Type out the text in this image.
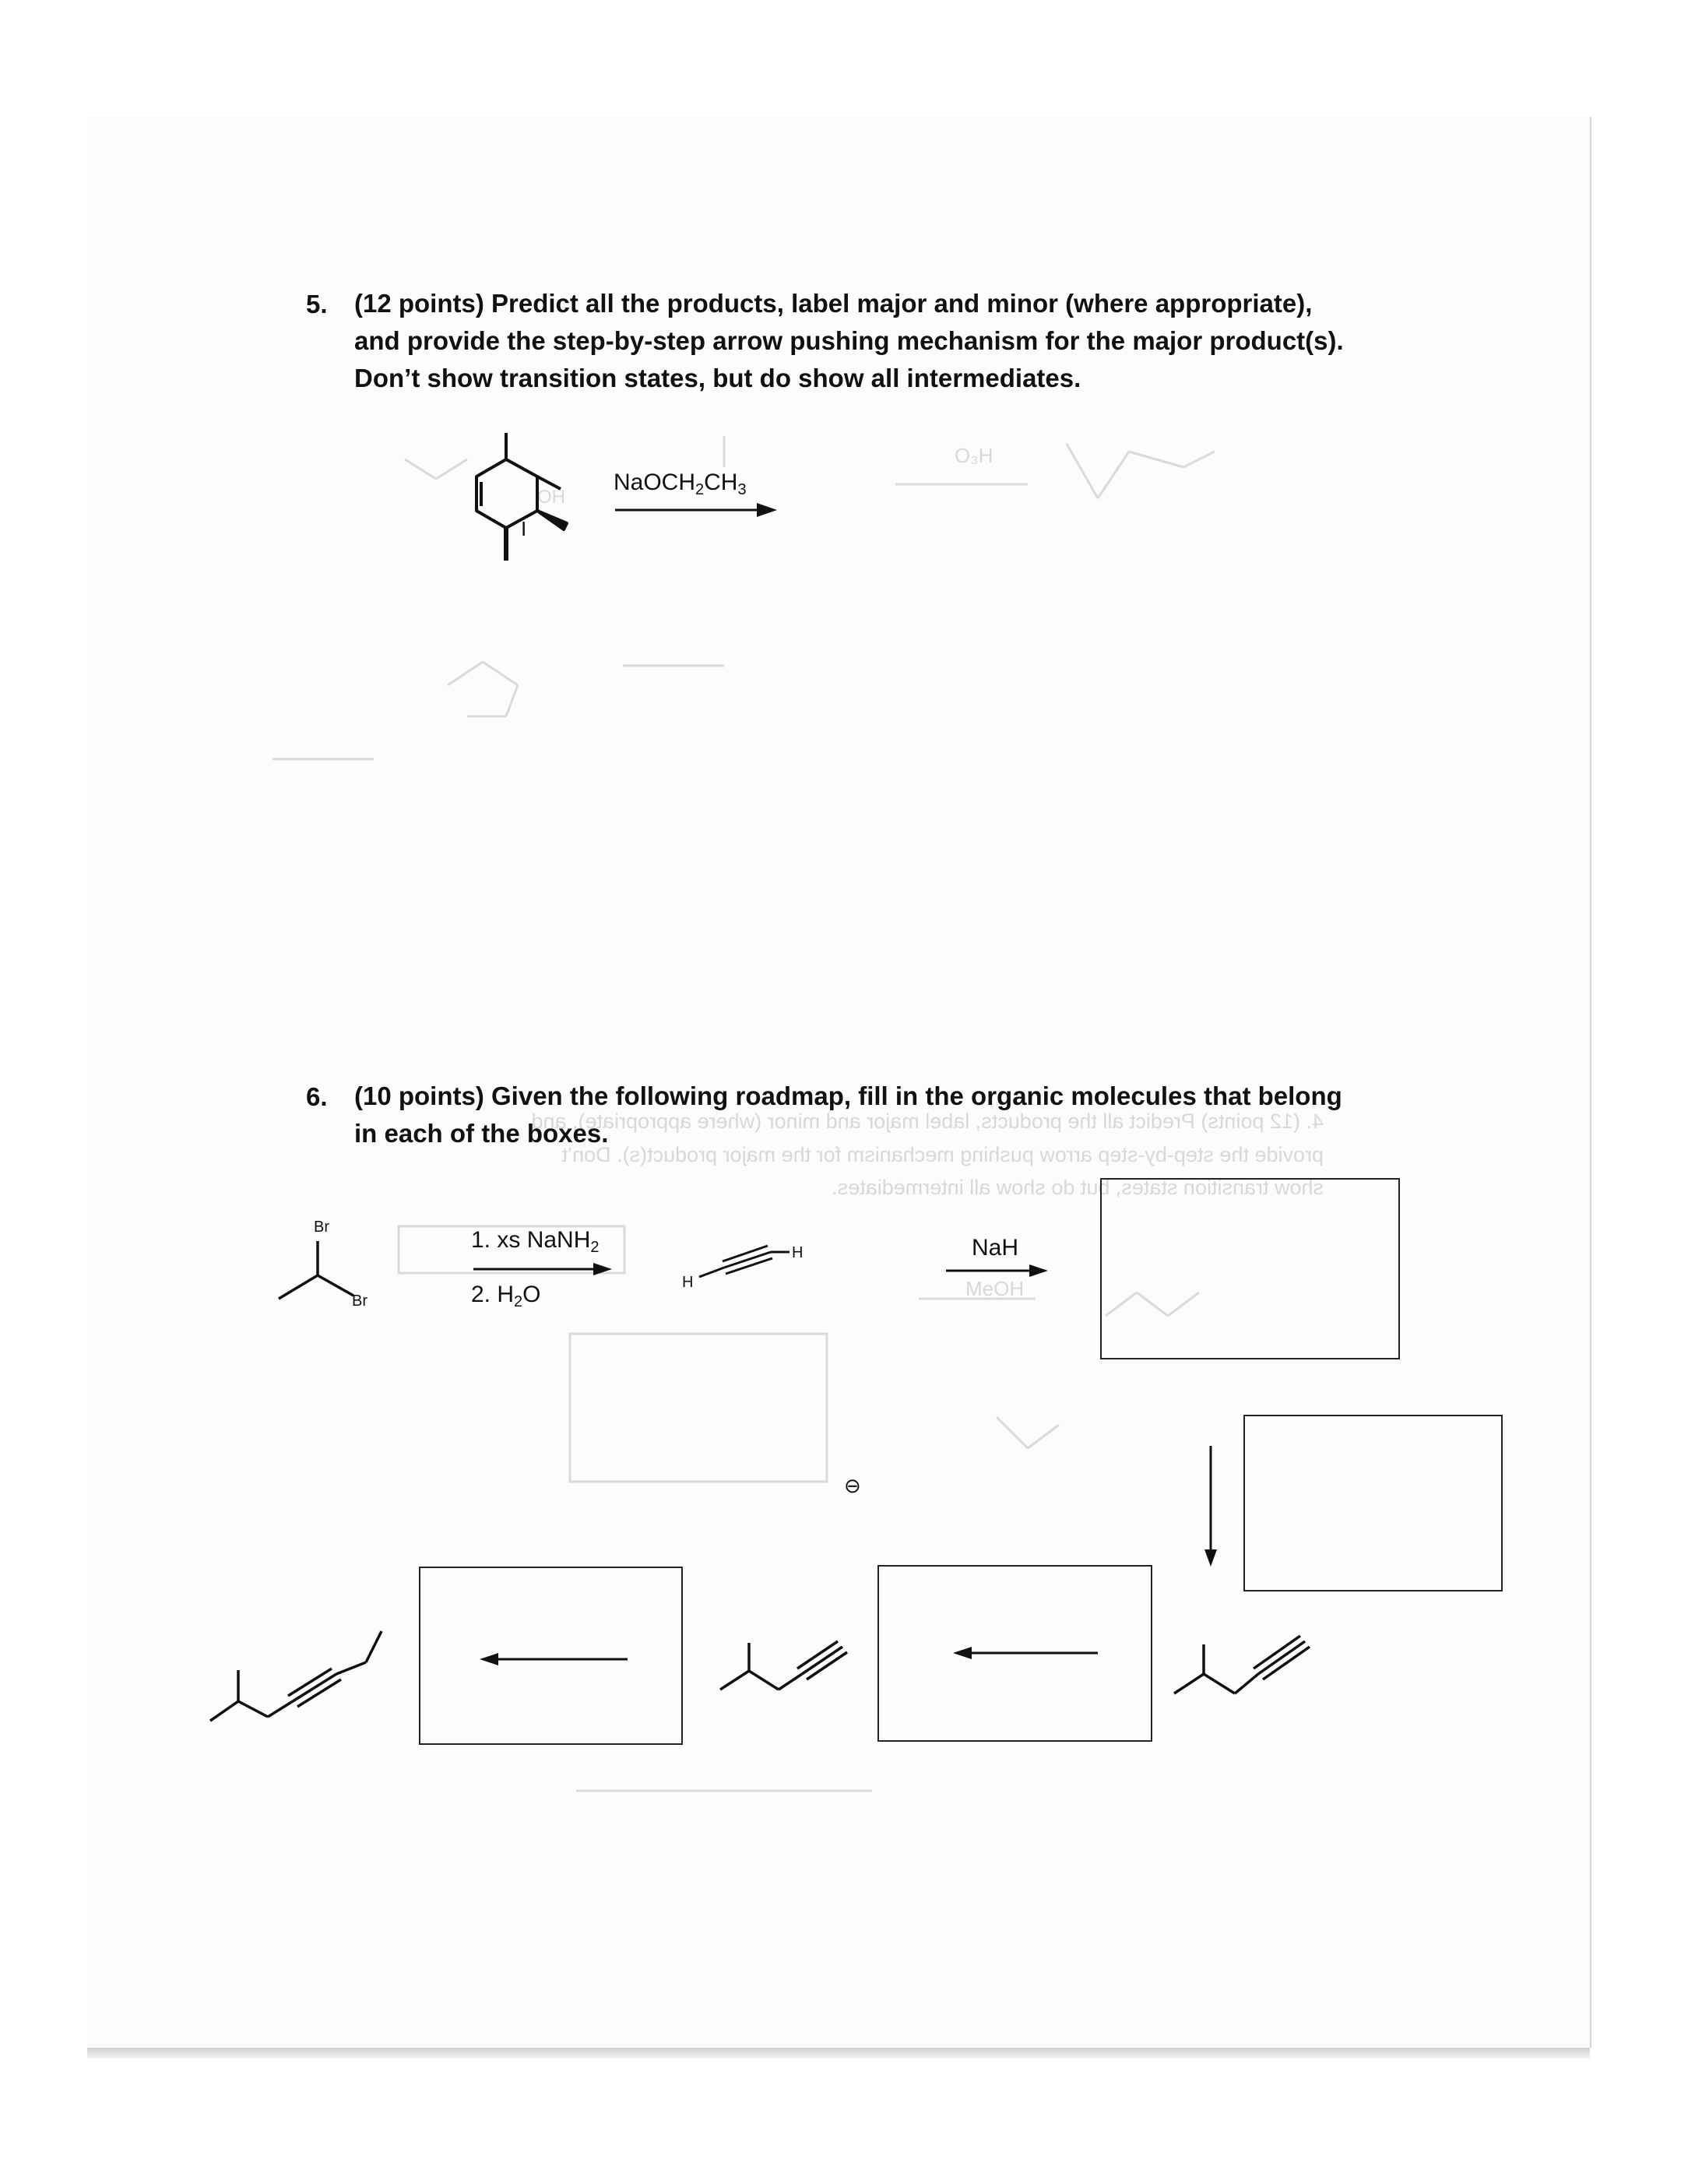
4. (12 points) Predict all the products, label major and minor (where appropriate), and
provide the step-by-step arrow pushing mechanism for the major product(s). Don’t
show transition states, but do show all intermediates.
5. (12 points) Predict all the products, label major and minor (where appropriate), and provide the step-by-step arrow pushing mechanism for the major product(s). Don’t show transition states, but do show all intermediates.
$NaOCH_2CH_3$
I
OH
O₃H
6. (10 points) Given the following roadmap, fill in the organic molecules that belong in each of the boxes.
Br
Br
1. xs NaNH$_2$
2. $H_2O$	H
H	NaH
MeOH
⊖
